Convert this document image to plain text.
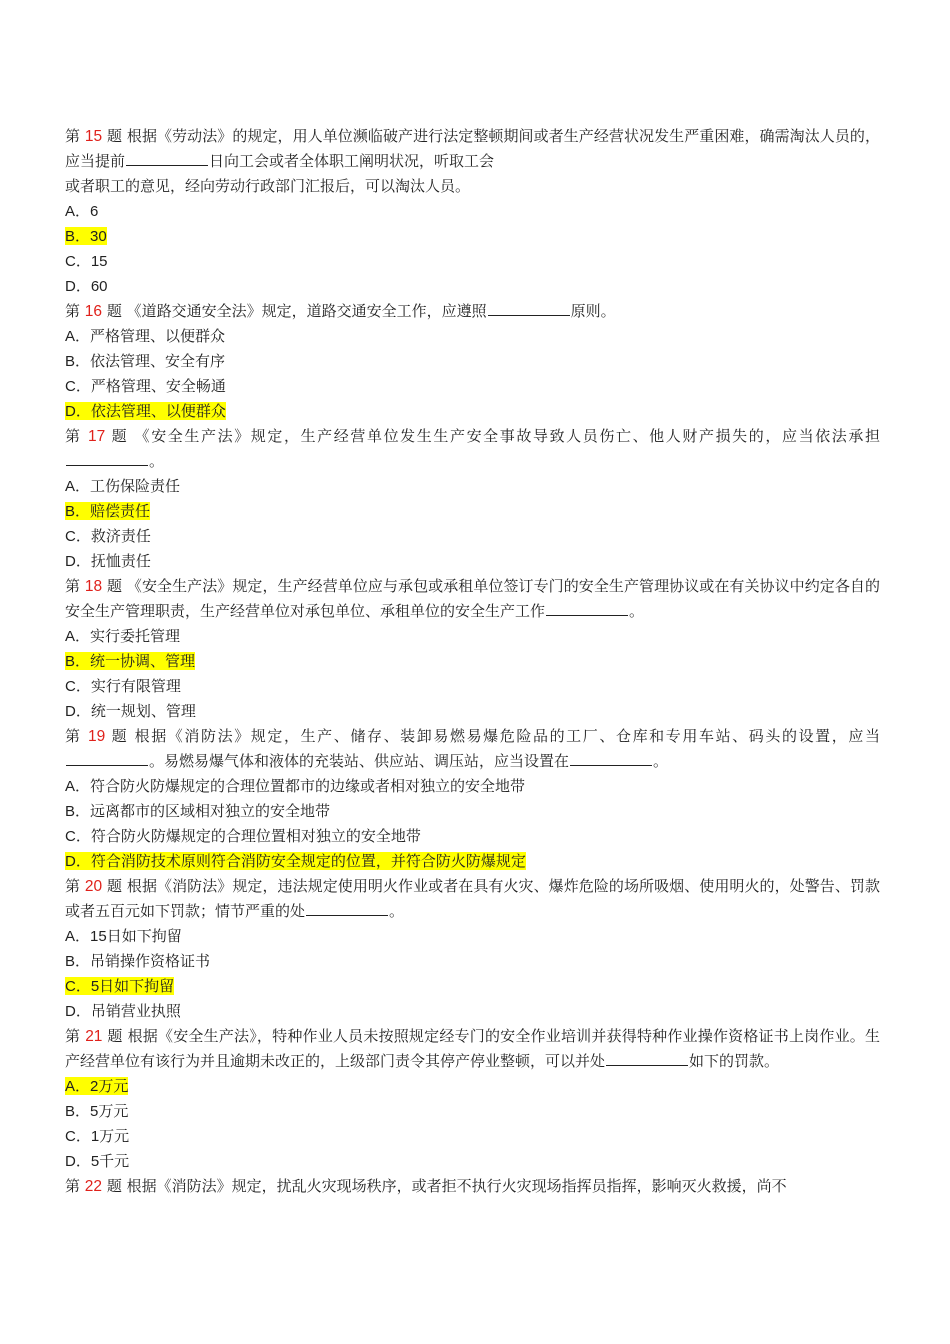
第 15 题 根据《劳动法》的规定，用人单位濒临破产进行法定整顿期间或者生产经营状况发生严重困难，确需淘汰人员的，应当提前	日向工会或者全体职工阐明状况，听取工会
或者职工的意见，经向劳动行政部门汇报后，可以淘汰人员。
A．6
B．30
C．15
D．60
第 16 题 《道路交通安全法》规定，道路交通安全工作，应遵照	原则。
A．严格管理、以便群众
B．依法管理、安全有序
C．严格管理、安全畅通
D．依法管理、以便群众
第 17 题 《安全生产法》规定，生产经营单位发生生产安全事故导致人员伤亡、他人财产损失的，应当依法承担。
A．工伤保险责任
B．赔偿责任
C．救济责任
D．抚恤责任
第 18 题 《安全生产法》规定，生产经营单位应与承包或承租单位签订专门的安全生产管理协议或在有关协议中约定各自的安全生产管理职责，生产经营单位对承包单位、承租单位的安全生产工作	。
A．实行委托管理
B．统一协调、管理
C．实行有限管理
D．统一规划、管理
第 19 题 根据《消防法》规定，生产、储存、装卸易燃易爆危险品的工厂、仓库和专用车站、码头的设置，应当。易燃易爆气体和液体的充装站、供应站、调压站，应当设置在	。
A．符合防火防爆规定的合理位置都市的边缘或者相对独立的安全地带
B．远离都市的区域相对独立的安全地带
C．符合防火防爆规定的合理位置相对独立的安全地带
D．符合消防技术原则符合消防安全规定的位置，并符合防火防爆规定
第 20 题 根据《消防法》规定，违法规定使用明火作业或者在具有火灾、爆炸危险的场所吸烟、使用明火的，处警告、罚款或者五百元如下罚款；情节严重的处	。
A．15日如下拘留
B．吊销操作资格证书
C．5日如下拘留
D．吊销营业执照
第 21 题 根据《安全生产法》，特种作业人员未按照规定经专门的安全作业培训并获得特种作业操作资格证书上岗作业。生产经营单位有该行为并且逾期未改正的，上级部门责令其停产停业整顿，可以并处	如下的罚款。
A．2万元
B．5万元
C．1万元
D．5千元
第 22 题 根据《消防法》规定，扰乱火灾现场秩序，或者拒不执行火灾现场指挥员指挥，影响灭火救援，尚不
